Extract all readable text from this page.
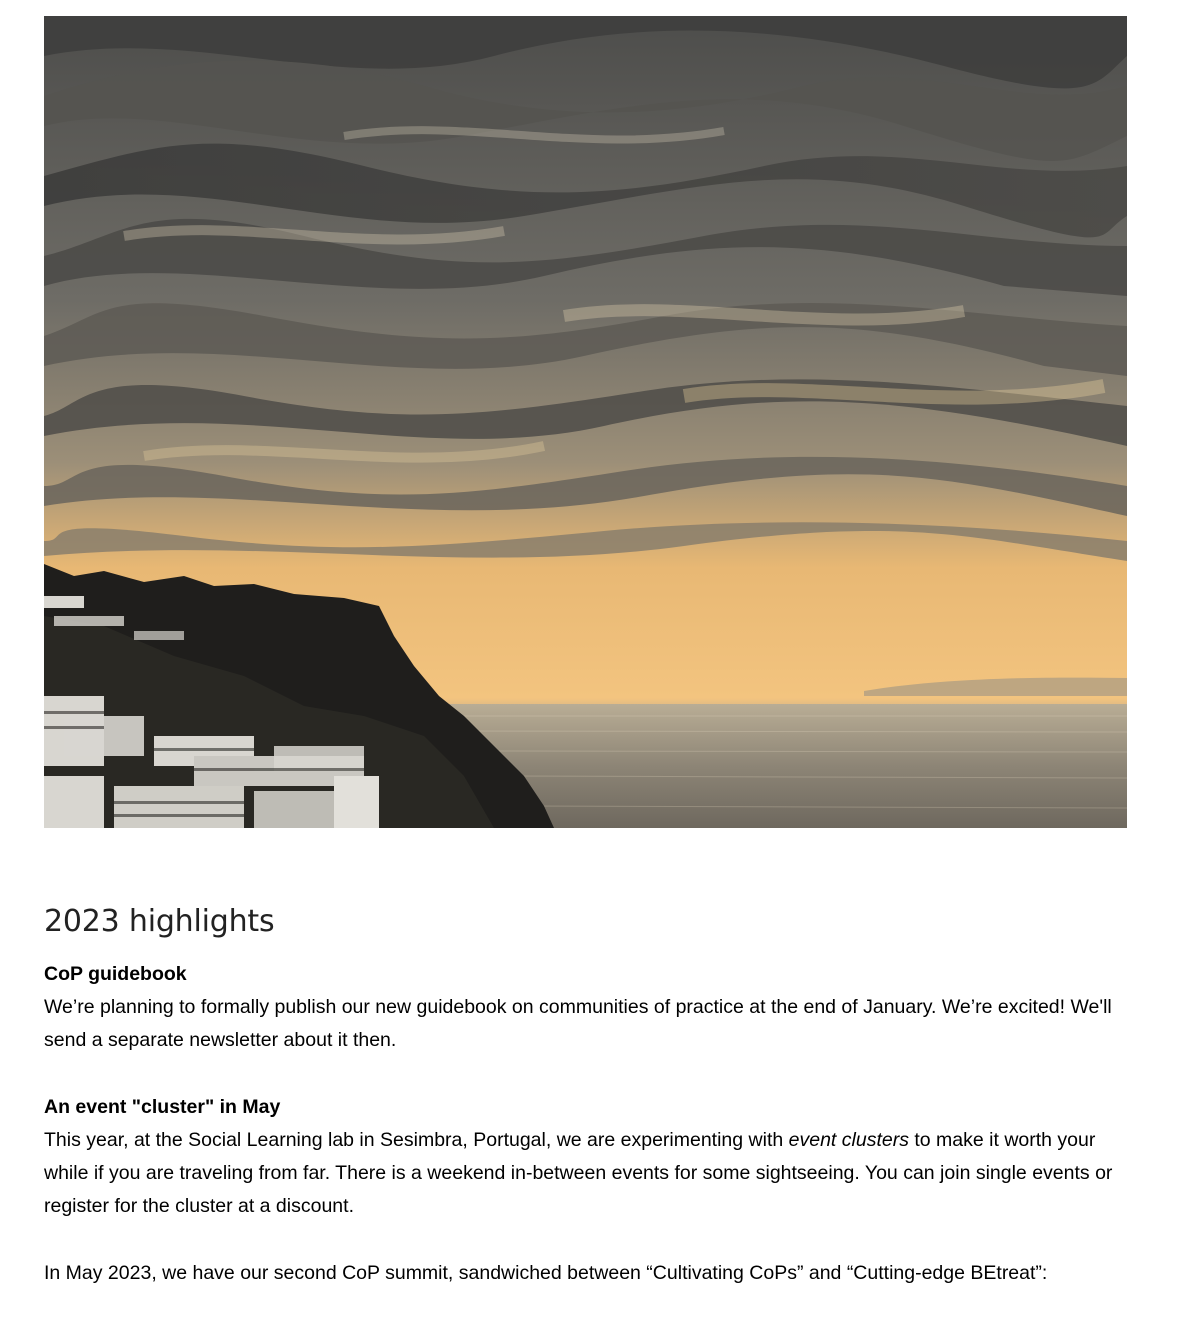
2023 highlights

CoP guidebook

We’re planning to formally publish our new guidebook on communities of practice at the end of January. We’re excited! We'll send a separate newsletter about it then.

An event "cluster" in May

This year, at the Social Learning lab in Sesimbra, Portugal, we are experimenting with event clusters to make it worth your while if you are traveling from far. There is a weekend in-between events for some sightseeing. You can join single events or register for the cluster at a discount.

In May 2023, we have our second CoP summit, sandwiched between “Cultivating CoPs” and “Cutting-edge BEtreat”:
